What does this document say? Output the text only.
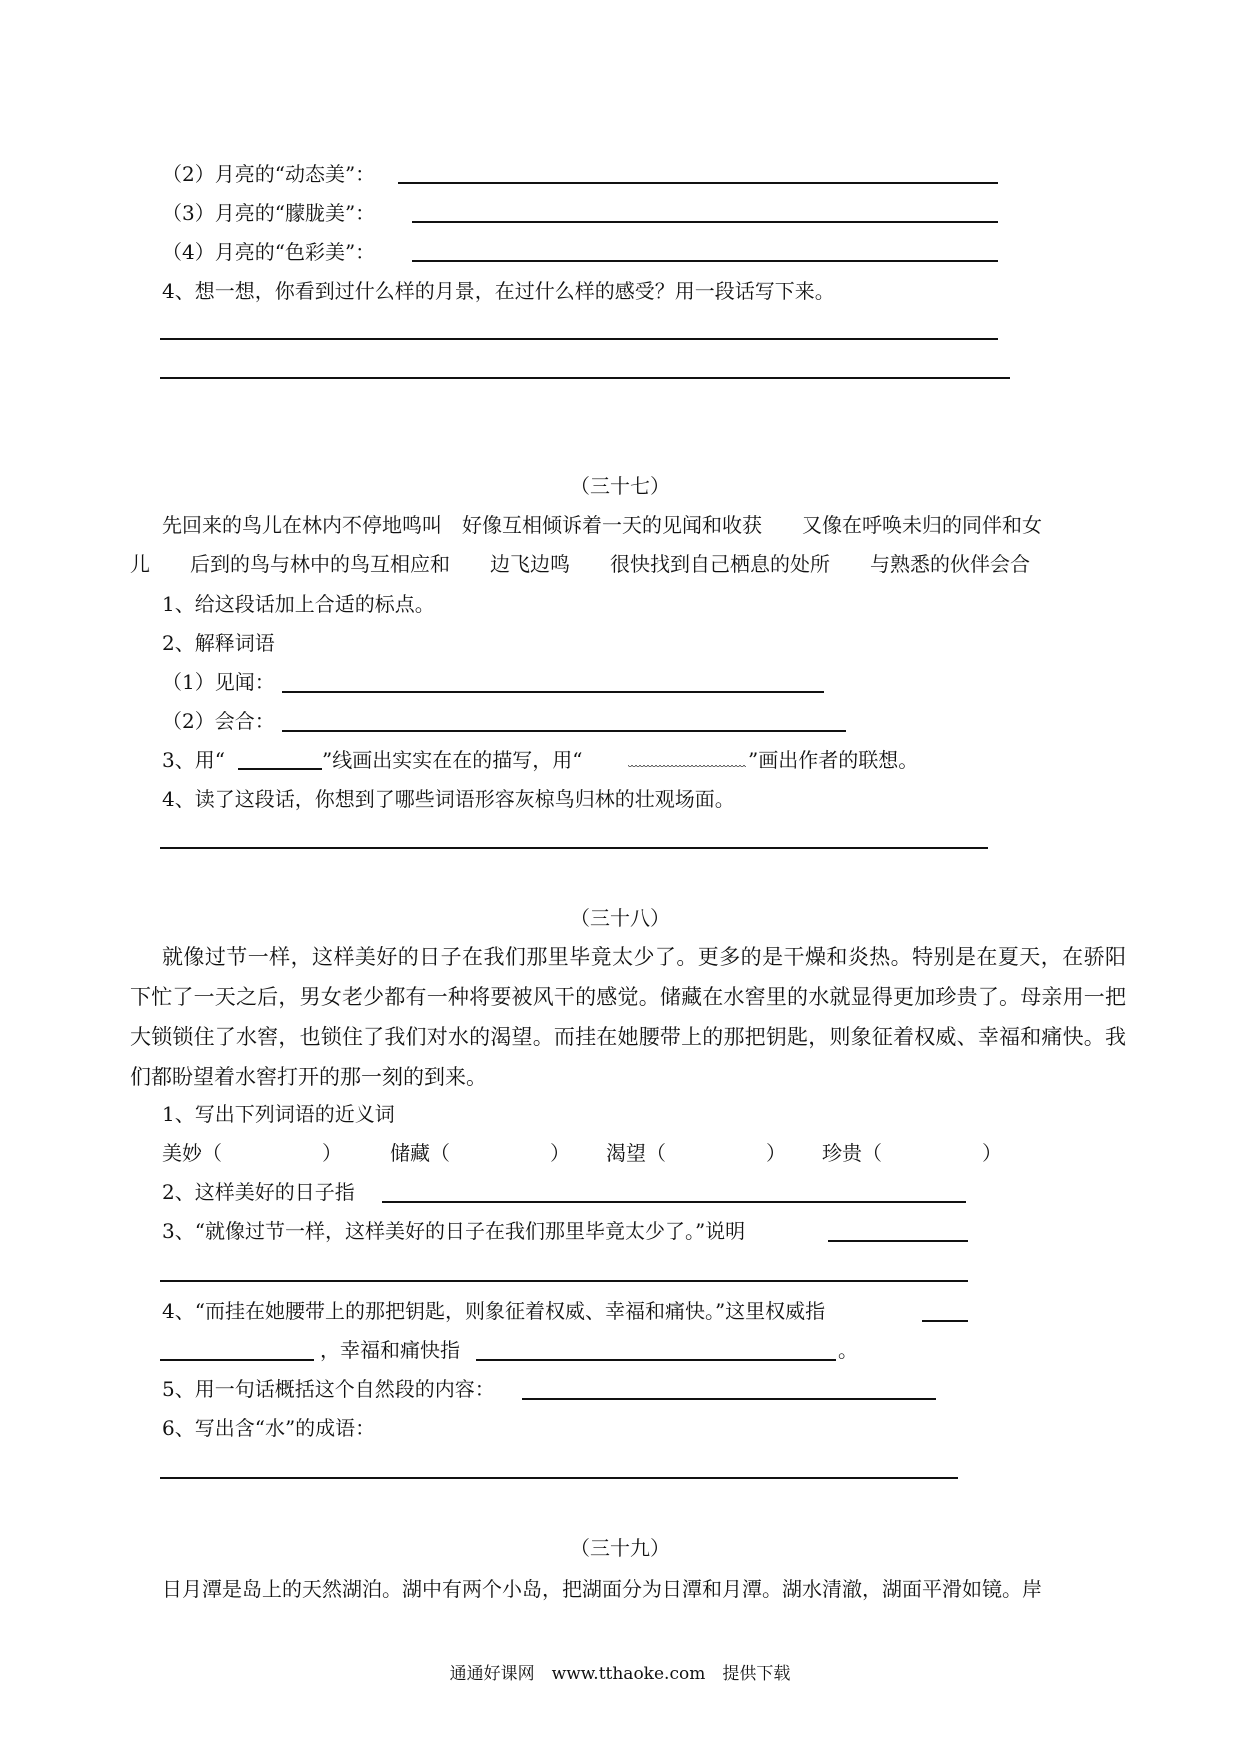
（2）月亮的“动态美”：
（3）月亮的“朦胧美”：
（4）月亮的“色彩美”：
4、想一想，你看到过什么样的月景，在过什么样的感受？用一段话写下来。
（三十七）
先回来的鸟儿在林内不停地鸣叫　好像互相倾诉着一天的见闻和收获　　又像在呼唤未归的同伴和女
儿　　后到的鸟与林中的鸟互相应和　　边飞边鸣　　很快找到自己栖息的处所　　与熟悉的伙伴会合
1、给这段话加上合适的标点。
2、解释词语
（1）见闻：
（2）会合：
3、用“	”线画出实实在在的描写，用“	”画出作者的联想。
4、读了这段话，你想到了哪些词语形容灰椋鸟归林的壮观场面。
（三十八）
就像过节一样，这样美好的日子在我们那里毕竟太少了。更多的是干燥和炎热。特别是在夏天，在骄阳下忙了一天之后，男女老少都有一种将要被风干的感觉。储藏在水窖里的水就显得更加珍贵了。母亲用一把大锁锁住了水窖，也锁住了我们对水的渴望。而挂在她腰带上的那把钥匙，则象征着权威、幸福和痛快。我们都盼望着水窖打开的那一刻的到来。
1、写出下列词语的近义词
美妙（　　　　　） 储藏（　　　　　） 渴望（　　　　　） 珍贵（　　　　　）
2、这样美好的日子指
3、“就像过节一样，这样美好的日子在我们那里毕竟太少了。”说明
4、“而挂在她腰带上的那把钥匙，则象征着权威、幸福和痛快。”这里权威指
，幸福和痛快指	。
5、用一句话概括这个自然段的内容：
6、写出含“水”的成语：
（三十九）
日月潭是岛上的天然湖泊。湖中有两个小岛，把湖面分为日潭和月潭。湖水清澈，湖面平滑如镜。岸
通通好课网　www.tthaoke.com　提供下载
